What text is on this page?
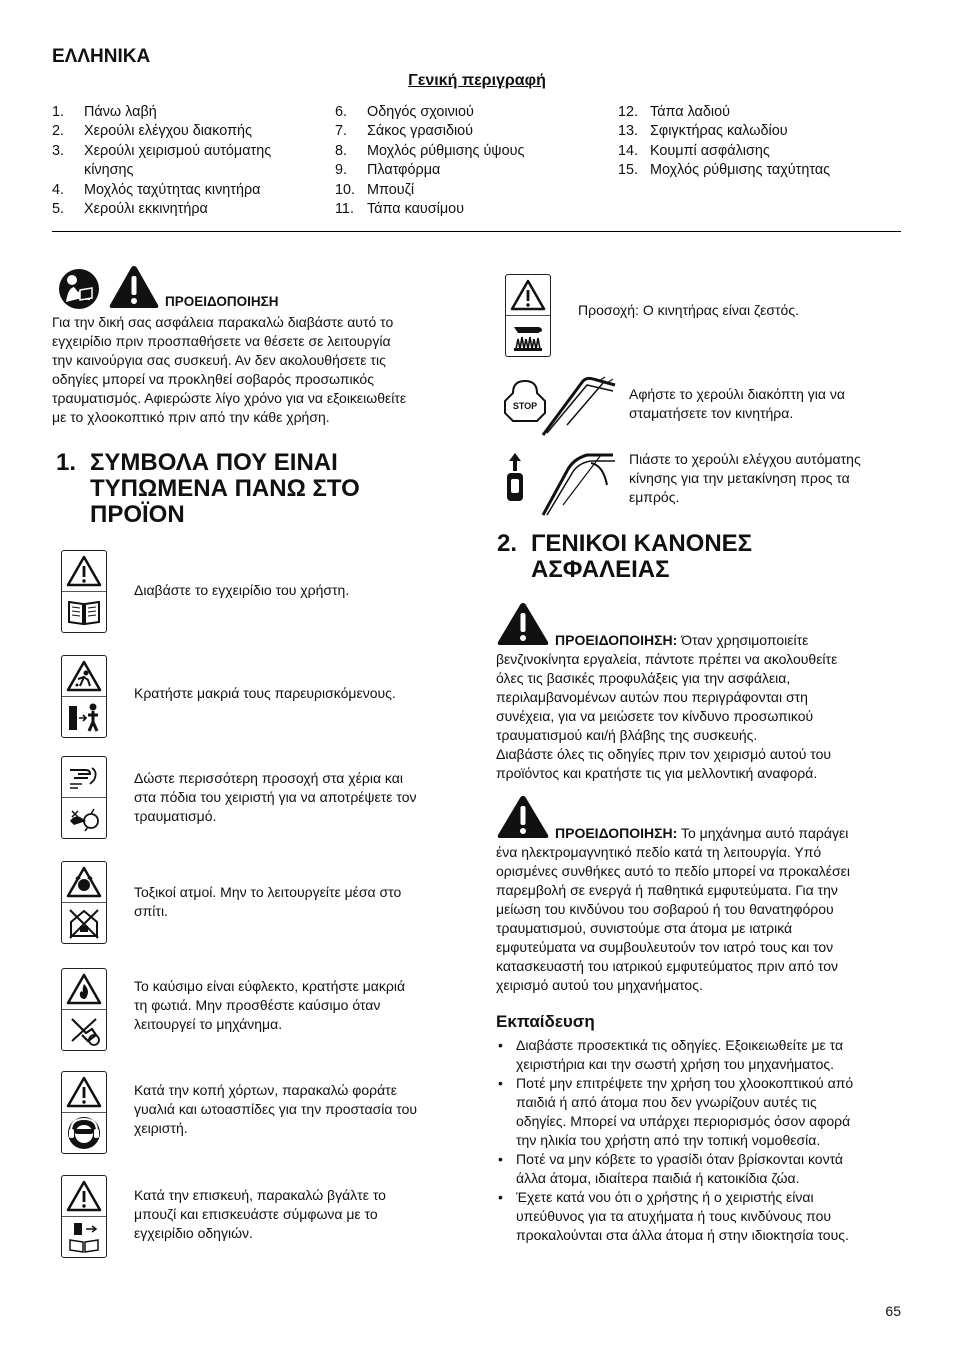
ΕΛΛΗΝΙΚΑ
Γενική περιγραφή
1.	Πάνω λαβή
2.	Χερούλι ελέγχου διακοπής
3.	Χερούλι χειρισμού αυτόματης
κίνησης
4.	Μοχλός ταχύτητας κινητήρα
5.	Χερούλι εκκινητήρα
6.	Οδηγός σχοινιού
7.	Σάκος γρασιδιού
8.	Μοχλός ρύθμισης ύψους
9.	Πλατφόρμα
10. Μπουζί
11. Τάπα καυσίμου
12. Τάπα λαδιού
13. Σφιγκτήρας καλωδίου
14. Κουμπί ασφάλισης
15. Μοχλός ρύθμισης ταχύτητας
ΠΡΟΕΙΔΟΠΟΙΗΣΗ
Για την δική σας ασφάλεια παρακαλώ διαβάστε αυτό το
εγχειρίδιο πριν προσπαθήσετε να θέσετε σε λειτουργία
την καινούργια σας συσκευή. Αν δεν ακολουθήσετε τις
οδηγίες μπορεί να προκληθεί σοβαρός προσωπικός
τραυματισμός. Αφιερώστε λίγο χρόνο για να εξοικειωθείτε
με το χλοοκοπτικό πριν από την κάθε χρήση.
1. ΣΥΜΒΟΛΑ ΠΟΥ ΕΙΝΑΙ
ΤΥΠΩΜΕΝΑ ΠΑΝΩ ΣΤΟ
ΠΡΟΪΟΝ
Διαβάστε το εγχειρίδιο του χρήστη.
Κρατήστε μακριά τους παρευρισκόμενους.
Δώστε περισσότερη προσοχή στα χέρια και
στα πόδια του χειριστή για να αποτρέψετε τον
τραυματισμό.
Τοξικοί ατμοί. Μην το λειτουργείτε μέσα στο
σπίτι.
Το καύσιμο είναι εύφλεκτο, κρατήστε μακριά
τη φωτιά. Μην προσθέστε καύσιμο όταν
λειτουργεί το μηχάνημα.
Κατά την κοπή χόρτων, παρακαλώ φοράτε
γυαλιά και ωτοασπίδες για την προστασία του
χειριστή.
Κατά την επισκευή, παρακαλώ βγάλτε το
μπουζί και επισκευάστε σύμφωνα με το
εγχειρίδιο οδηγιών.
Προσοχή: Ο κινητήρας είναι ζεστός.
STOP
Αφήστε το χερούλι διακόπτη για να
σταματήσετε τον κινητήρα.
Πιάστε το χερούλι ελέγχου αυτόματης
κίνησης για την μετακίνηση προς τα
εμπρός.
2. ΓΕΝΙΚΟΙ ΚΑΝΟΝΕΣ
ΑΣΦΑΛΕΙΑΣ
ΠΡΟΕΙΔΟΠΟΙΗΣΗ: Όταν χρησιμοποιείτε
βενζινοκίνητα εργαλεία, πάντοτε πρέπει να ακολουθείτε
όλες τις βασικές προφυλάξεις για την ασφάλεια,
περιλαμβανομένων αυτών που περιγράφονται στη
συνέχεια, για να μειώσετε τον κίνδυνο προσωπικού
τραυματισμού και/ή βλάβης της συσκευής.
Διαβάστε όλες τις οδηγίες πριν τον χειρισμό αυτού του
προϊόντος και κρατήστε τις για μελλοντική αναφορά.
ΠΡΟΕΙΔΟΠΟΙΗΣΗ: Το μηχάνημα αυτό παράγει
ένα ηλεκτρομαγνητικό πεδίο κατά τη λειτουργία. Υπό
ορισμένες συνθήκες αυτό το πεδίο μπορεί να προκαλέσει
παρεμβολή σε ενεργά ή παθητικά εμφυτεύματα. Για την
μείωση του κινδύνου του σοβαρού ή του θανατηφόρου
τραυματισμού, συνιστούμε στα άτομα με ιατρικά
εμφυτεύματα να συμβουλευτούν τον ιατρό τους και τον
κατασκευαστή του ιατρικού εμφυτεύματος πριν από τον
χειρισμό αυτού του μηχανήματος.
Εκπαίδευση
• Διαβάστε προσεκτικά τις οδηγίες. Εξοικειωθείτε με τα
χειριστήρια και την σωστή χρήση του μηχανήματος.
• Ποτέ μην επιτρέψετε την χρήση του χλοοκοπτικού από
παιδιά ή από άτομα που δεν γνωρίζουν αυτές τις
οδηγίες. Μπορεί να υπάρχει περιορισμός όσον αφορά
την ηλικία του χρήστη από την τοπική νομοθεσία.
• Ποτέ να μην κόβετε το γρασίδι όταν βρίσκονται κοντά
άλλα άτομα, ιδιαίτερα παιδιά ή κατοικίδια ζώα.
• Έχετε κατά νου ότι ο χρήστης ή ο χειριστής είναι
υπεύθυνος για τα ατυχήματα ή τους κινδύνους που
προκαλούνται στα άλλα άτομα ή στην ιδιοκτησία τους.
65
